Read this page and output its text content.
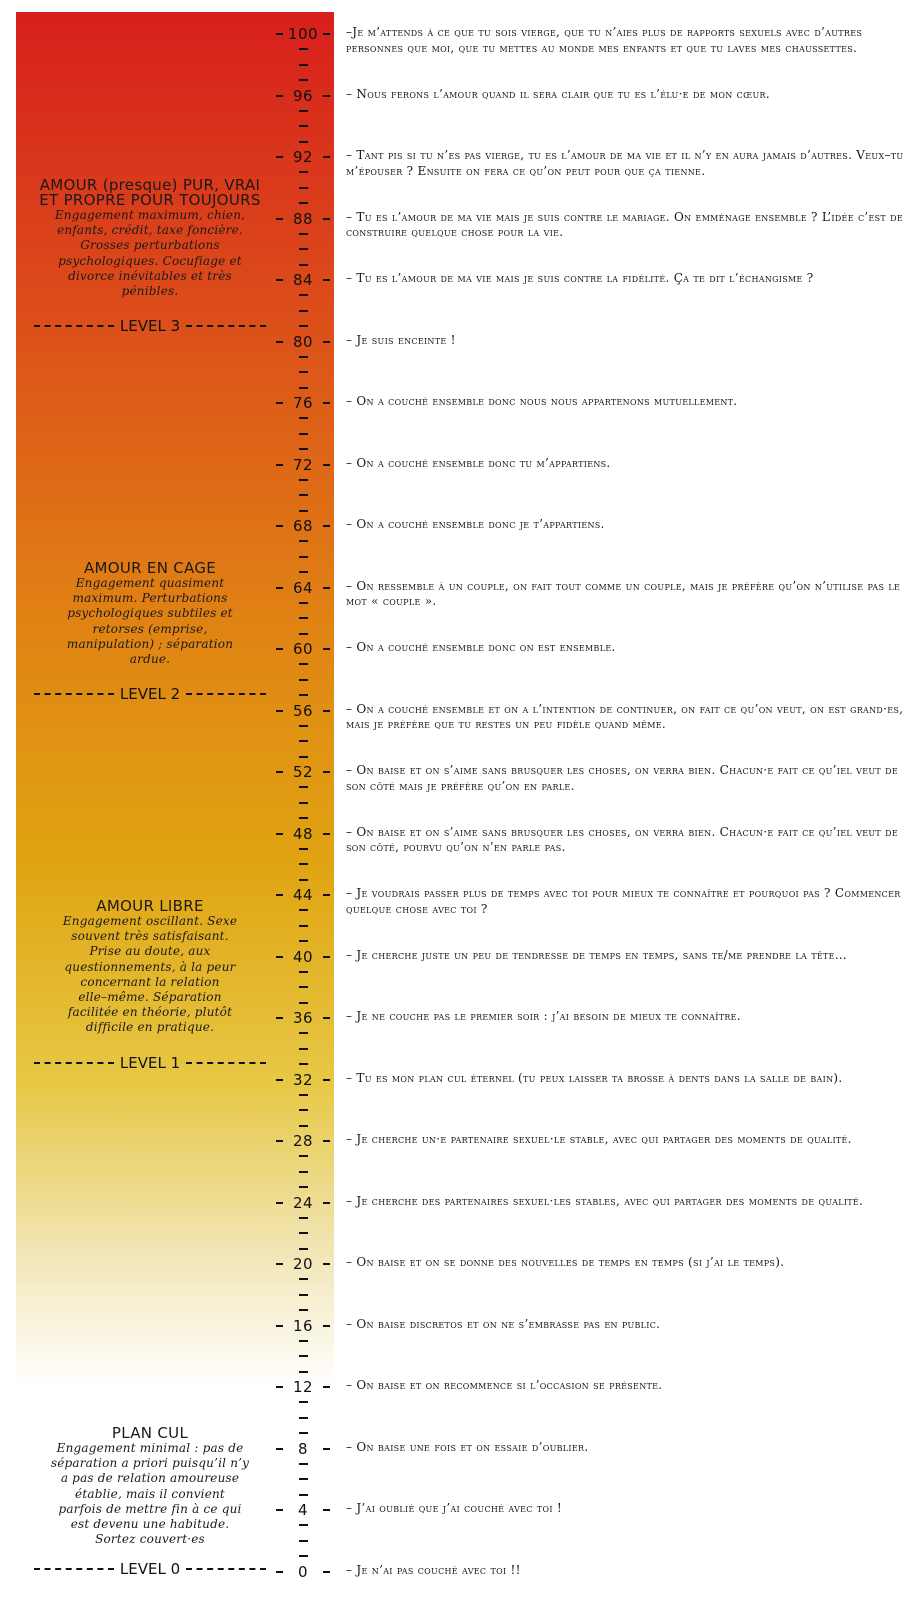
100
96
92
88
84
80
76
72
68
64
60
56
52
48
44
40
36
32
28
24
20
16
12
8
4
0
–Je m’attends à ce que tu sois vierge, que tu n’aies plus de rapports sexuels avec d’autres personnes que moi, que tu mettes au monde mes enfants et que tu laves mes chaussettes.
– Nous ferons l’amour quand il sera clair que tu es l’élu·e de mon cœur.
– Tant pis si tu n’es pas vierge, tu es l’amour de ma vie et il n’y en aura jamais d’autres. Veux–tu m’épouser ? Ensuite on fera ce qu’on peut pour que ça tienne.
– Tu es l’amour de ma vie mais je suis contre le mariage. On emménage ensemble ? L’idée c’est de construire quelque chose pour la vie.
– Tu es l’amour de ma vie mais je suis contre la fidélité. Ça te dit l’échangisme ?
– Je suis enceinte !
– On a couché ensemble donc nous nous appartenons mutuellement.
– On a couché ensemble donc tu m’appartiens.
– On a couché ensemble donc je t’appartiens.
– On ressemble à un couple, on fait tout comme un couple, mais je préfère qu’on n’utilise pas le mot « couple ».
– On a couché ensemble donc on est ensemble.
– On a couché ensemble et on a l’intention de continuer, on fait ce qu’on veut, on est grand·es, mais je préfère que tu restes un peu fidèle quand même.
– On baise et on s’aime sans brusquer les choses, on verra bien. Chacun·e fait ce qu’iel veut de son côté mais je préfère qu’on en parle.
– On baise et on s’aime sans brusquer les choses, on verra bien. Chacun·e fait ce qu’iel veut de son côté, pourvu qu’on n’en parle pas.
– Je voudrais passer plus de temps avec toi pour mieux te connaître et pourquoi pas ? Commencer quelque chose avec toi ?
– Je cherche juste un peu de tendresse de temps en temps, sans te/me prendre la tête…
– Je ne couche pas le premier soir : j’ai besoin de mieux te connaître.
– Tu es mon plan cul éternel (tu peux laisser ta brosse à dents dans la salle de bain).
– Je cherche un·e partenaire sexuel·le stable, avec qui partager des moments de qualité.
– Je cherche des partenaires sexuel·les stables, avec qui partager des moments de qualité.
– On baise et on se donne des nouvelles de temps en temps (si j’ai le temps).
– On baise discretos et on ne s’embrasse pas en public.
– On baise et on recommence si l’occasion se présente.
– On baise une fois et on essaie d’oublier.
– J’ai oublié que j’ai couché avec toi !
– Je n’ai pas couché avec toi !!
AMOUR (presque) PUR, VRAI
ET PROPRE POUR TOUJOURS
Engagement maximum, chien,
enfants, crédit, taxe foncière.
Grosses perturbations
psychologiques. Cocufiage et
divorce inévitables et très
pénibles.
AMOUR EN CAGE
Engagement quasiment
maximum. Perturbations
psychologiques subtiles et
retorses (emprise,
manipulation) ; séparation
ardue.
AMOUR LIBRE
Engagement oscillant. Sexe
souvent très satisfaisant.
Prise au doute, aux
questionnements, à la peur
concernant la relation
elle–même. Séparation
facilitée en théorie, plutôt
difficile en pratique.
PLAN CUL
Engagement minimal : pas de
séparation a priori puisqu’il n’y
a pas de relation amoureuse
établie, mais il convient
parfois de mettre fin à ce qui
est devenu une habitude.
Sortez couvert·es
LEVEL 3
LEVEL 2
LEVEL 1
LEVEL 0
